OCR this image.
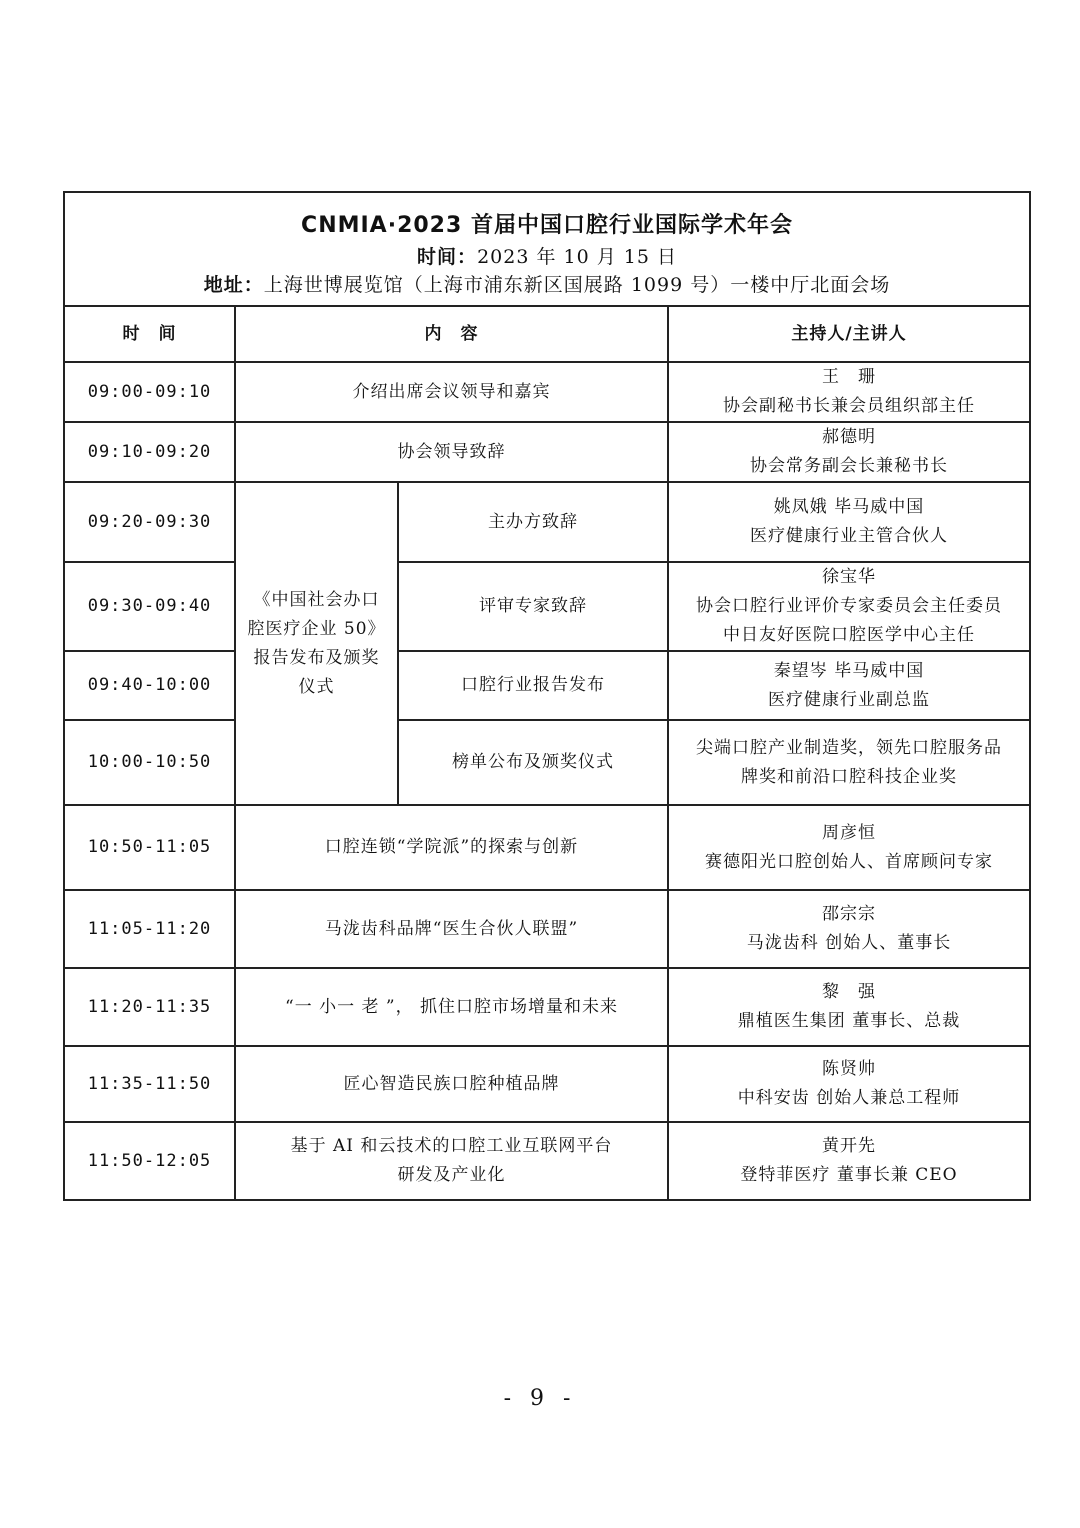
CNMIA·2023 首届中国口腔行业国际学术年会
时间：2023 年 10 月 15 日
地址：上海世博展览馆（上海市浦东新区国展路 1099 号）一楼中厅北面会场			

时　间	内　容		主持人/主讲人
09:00-09:10	介绍出席会议领导和嘉宾		王　珊
协会副秘书长兼会员组织部主任

09:10-09:20	协会领导致辞		郝德明
协会常务副会长兼秘书长

09:20-09:30	《中国社会办口
腔医疗企业 50》
报告发布及颁奖
仪式	主办方致辞	姚凤娥 毕马威中国
医疗健康行业主管合伙人

09:30-09:40		评审专家致辞	徐宝华
协会口腔行业评价专家委员会主任委员
中日友好医院口腔医学中心主任

09:40-10:00		口腔行业报告发布	秦望岑 毕马威中国
医疗健康行业副总监

10:00-10:50		榜单公布及颁奖仪式	尖端口腔产业制造奖，领先口腔服务品
牌奖和前沿口腔科技企业奖

10:50-11:05	口腔连锁“学院派”的探索与创新		周彦恒
赛德阳光口腔创始人、首席顾问专家

11:05-11:20	马泷齿科品牌“医生合伙人联盟”		邵宗宗
马泷齿科 创始人、董事长

11:20-11:35	“一 小一 老 ”， 抓住口腔市场增量和未来		黎　强
鼎植医生集团 董事长、总裁

11:35-11:50	匠心智造民族口腔种植品牌		陈贤帅
中科安齿 创始人兼总工程师

11:50-12:05	基于 AI 和云技术的口腔工业互联网平台
研发及产业化		黄开先
登特菲医疗 董事长兼 CEO
- 9 -
